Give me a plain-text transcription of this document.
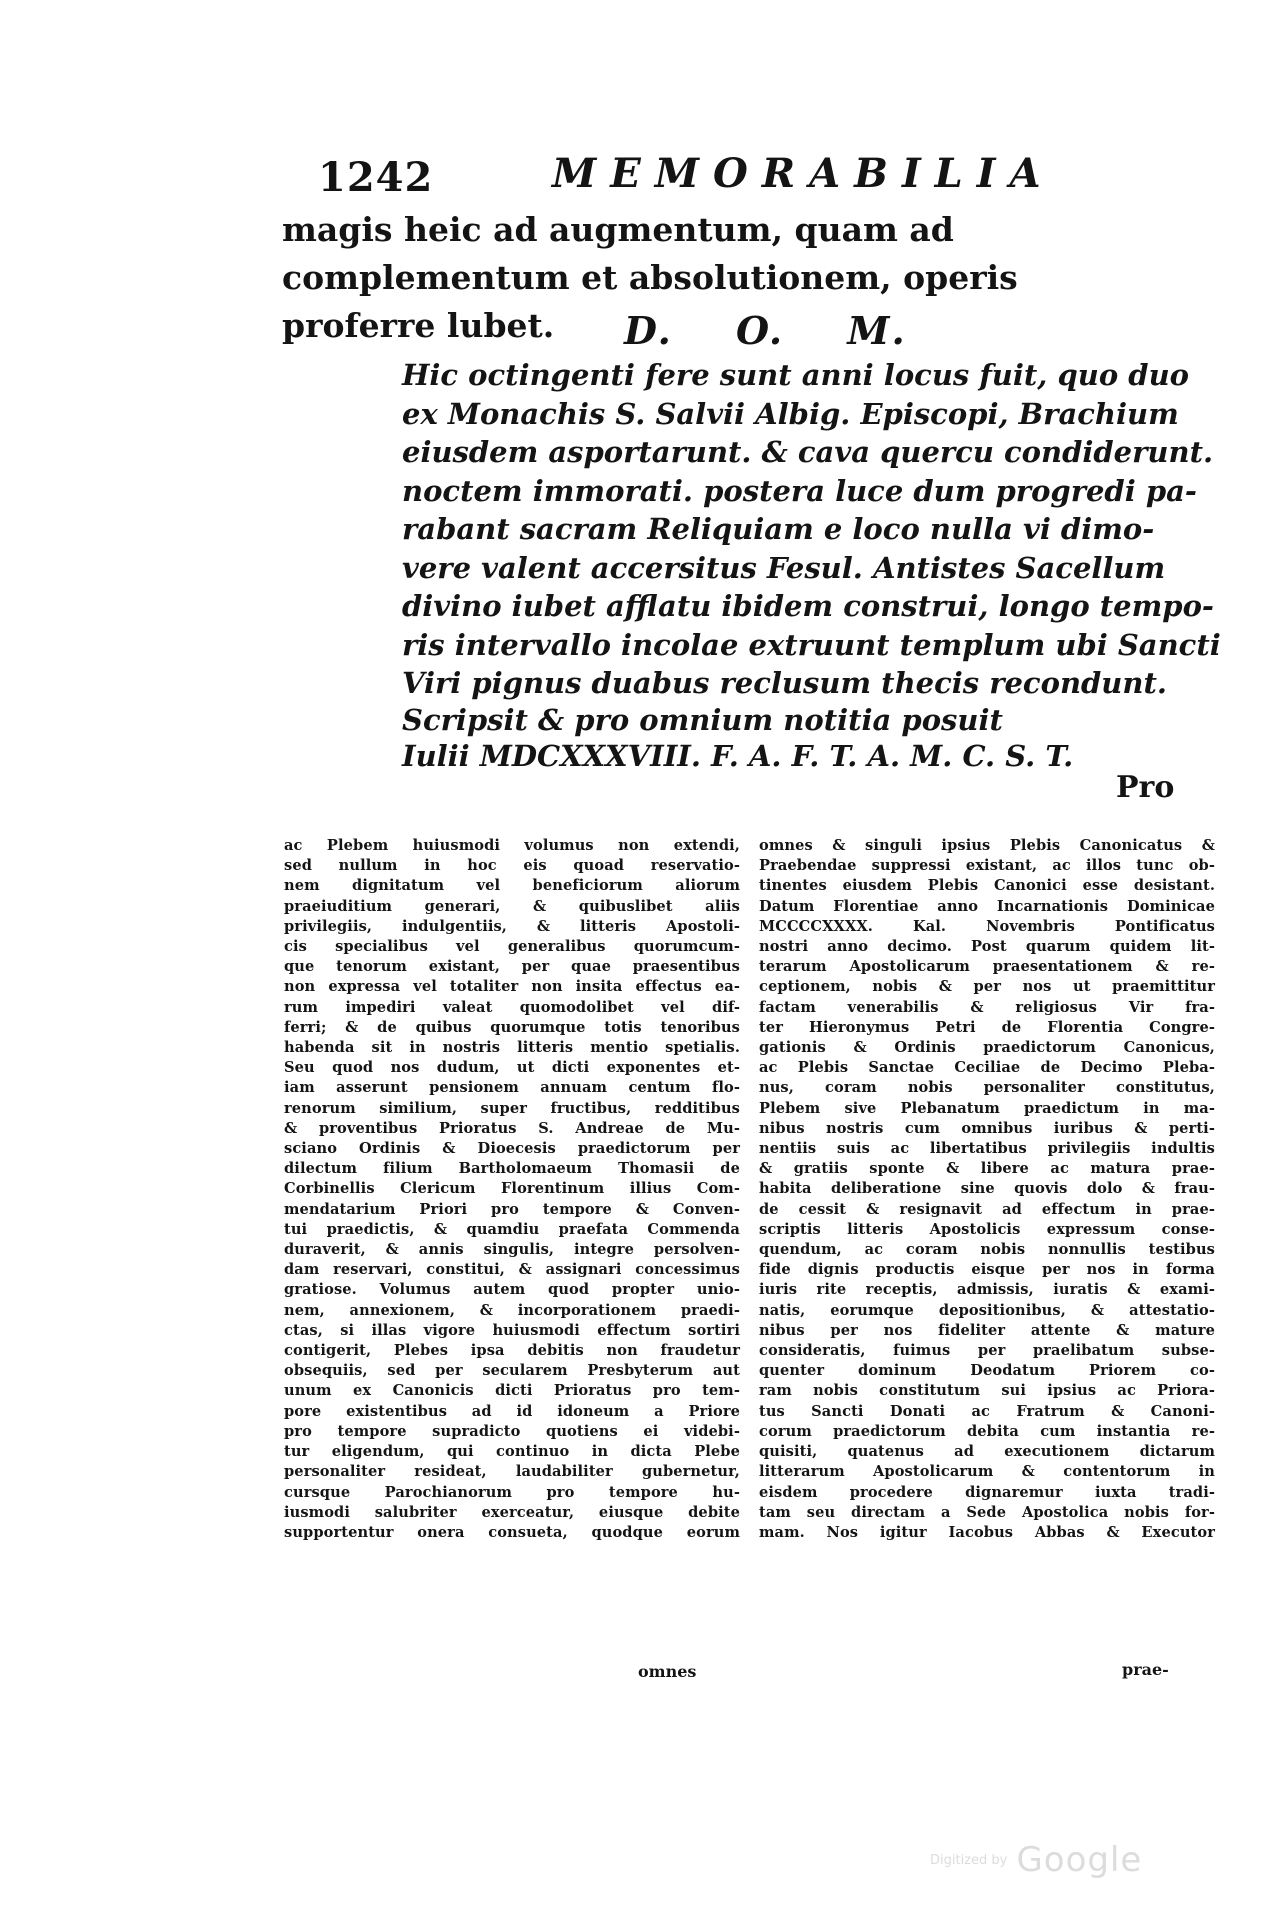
1242	MEMORABILIA

magis heic ad augmentum, quam ad complementum et absolutionem, operis proferre lubet.	D. O. M.
Hic octingenti fere sunt anni locus fuit, quo duo
ex Monachis S. Salvii Albig. Episcopi, Brachium
eiusdem asportarunt. & cava quercu condiderunt.
noctem immorati. postera luce dum progredi pa-
rabant sacram Reliquiam e loco nulla vi dimo-
vere valent accersitus Fesul. Antistes Sacellum
divino iubet afflatu ibidem construi, longo tempo-
ris intervallo incolae extruunt templum ubi Sancti
Viri pignus duabus reclusum thecis recondunt.
Scripsit & pro omnium notitia posuit
Iulii MDCXXXVIII. F. A. F. T. A. M. C. S. T.
Pro
ac Plebem huiusmodi volumus non extendi,
sed nullum in hoc eis quoad reservatio-
nem dignitatum vel beneficiorum aliorum
praeiuditium generari, & quibuslibet aliis
privilegiis, indulgentiis, & litteris Apostoli-
cis specialibus vel generalibus quorumcum-
que tenorum existant, per quae praesentibus
non expressa vel totaliter non insita effectus ea-
rum impediri valeat quomodolibet vel dif-
ferri; & de quibus quorumque totis tenoribus
habenda sit in nostris litteris mentio spetialis.
Seu quod nos dudum, ut dicti exponentes et-
iam asserunt pensionem annuam centum flo-
renorum similium, super fructibus, redditibus
& proventibus Prioratus S. Andreae de Mu-
sciano Ordinis & Dioecesis praedictorum per
dilectum filium Bartholomaeum Thomasii de
Corbinellis Clericum Florentinum illius Com-
mendatarium Priori pro tempore & Conven-
tui praedictis, & quamdiu praefata Commenda
duraverit, & annis singulis, integre persolven-
dam reservari, constitui, & assignari concessimus
gratiose. Volumus autem quod propter unio-
nem, annexionem, & incorporationem praedi-
ctas, si illas vigore huiusmodi effectum sortiri
contigerit, Plebes ipsa debitis non fraudetur
obsequiis, sed per secularem Presbyterum aut
unum ex Canonicis dicti Prioratus pro tem-
pore existentibus ad id idoneum a Priore
pro tempore supradicto quotiens ei videbi-
tur eligendum, qui continuo in dicta Plebe
personaliter resideat, laudabiliter gubernetur,
cursque Parochianorum pro tempore hu-
iusmodi salubriter exerceatur, eiusque debite
supportentur onera consueta, quodque eorum
omnes & singuli ipsius Plebis Canonicatus &
Praebendae suppressi existant, ac illos tunc ob-
tinentes eiusdem Plebis Canonici esse desistant.
Datum Florentiae anno Incarnationis Dominicae
MCCCCXXXX. Kal. Novembris Pontificatus
nostri anno decimo. Post quarum quidem lit-
terarum Apostolicarum praesentationem & re-
ceptionem, nobis & per nos ut praemittitur
factam venerabilis & religiosus Vir fra-
ter Hieronymus Petri de Florentia Congre-
gationis & Ordinis praedictorum Canonicus,
ac Plebis Sanctae Ceciliae de Decimo Pleba-
nus, coram nobis personaliter constitutus,
Plebem sive Plebanatum praedictum in ma-
nibus nostris cum omnibus iuribus & perti-
nentiis suis ac libertatibus privilegiis indultis
& gratiis sponte & libere ac matura prae-
habita deliberatione sine quovis dolo & frau-
de cessit & resignavit ad effectum in prae-
scriptis litteris Apostolicis expressum conse-
quendum, ac coram nobis nonnullis testibus
fide dignis productis eisque per nos in forma
iuris rite receptis, admissis, iuratis & exami-
natis, eorumque depositionibus, & attestatio-
nibus per nos fideliter attente & mature
consideratis, fuimus per praelibatum subse-
quenter dominum Deodatum Priorem co-
ram nobis constitutum sui ipsius ac Priora-
tus Sancti Donati ac Fratrum & Canoni-
corum praedictorum debita cum instantia re-
quisiti, quatenus ad executionem dictarum
litterarum Apostolicarum & contentorum in
eisdem procedere dignaremur iuxta tradi-
tam seu directam a Sede Apostolica nobis for-
mam. Nos igitur Iacobus Abbas & Executor
omnes	prae-
Digitized by Google
